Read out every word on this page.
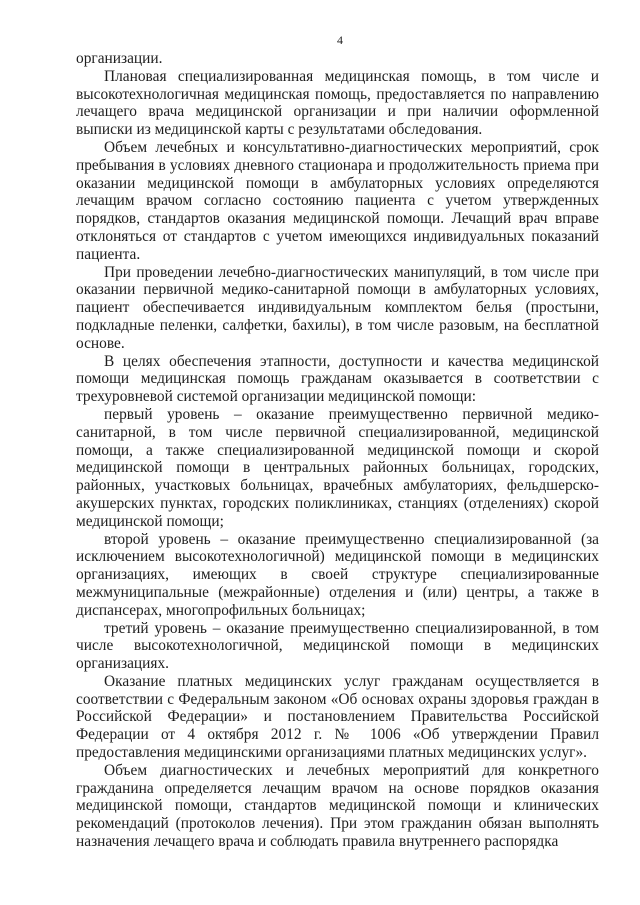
4

организации.

Плановая специализированная медицинская помощь, в том числе и высокотехнологичная медицинская помощь, предоставляется по направлению лечащего врача медицинской организации и при наличии оформленной выписки из медицинской карты с результатами обследования.

Объем лечебных и консультативно-диагностических мероприятий, срок пребывания в условиях дневного стационара и продолжительность приема при оказании медицинской помощи в амбулаторных условиях определяются лечащим врачом согласно состоянию пациента с учетом утвержденных порядков, стандартов оказания медицинской помощи. Лечащий врач вправе отклоняться от стандартов с учетом имеющихся индивидуальных показаний пациента.

При проведении лечебно-диагностических манипуляций, в том числе при оказании первичной медико-санитарной помощи в амбулаторных условиях, пациент обеспечивается индивидуальным комплектом белья (простыни, подкладные пеленки, салфетки, бахилы), в том числе разовым, на бесплатной основе.

В целях обеспечения этапности, доступности и качества медицинской помощи медицинская помощь гражданам оказывается в соответствии с трехуровневой системой организации медицинской помощи:

первый уровень – оказание преимущественно первичной медико-санитарной, в том числе первичной специализированной, медицинской помощи, а также специализированной медицинской помощи и скорой медицинской помощи в центральных районных больницах, городских, районных, участковых больницах, врачебных амбулаториях, фельдшерско-акушерских пунктах, городских поликлиниках, станциях (отделениях) скорой медицинской помощи;

второй уровень – оказание преимущественно специализированной (за исключением высокотехнологичной) медицинской помощи в медицинских организациях, имеющих в своей структуре специализированные межмуниципальные (межрайонные) отделения и (или) центры, а также в диспансерах, многопрофильных больницах;

третий уровень – оказание преимущественно специализированной, в том числе высокотехнологичной, медицинской помощи в медицинских организациях.

Оказание платных медицинских услуг гражданам осуществляется в соответствии с Федеральным законом «Об основах охраны здоровья граждан в Российской Федерации» и постановлением Правительства Российской Федерации от 4 октября 2012 г. № 1006 «Об утверждении Правил предоставления медицинскими организациями платных медицинских услуг».

Объем диагностических и лечебных мероприятий для конкретного гражданина определяется лечащим врачом на основе порядков оказания медицинской помощи, стандартов медицинской помощи и клинических рекомендаций (протоколов лечения). При этом гражданин обязан выполнять назначения лечащего врача и соблюдать правила внутреннего распорядка
